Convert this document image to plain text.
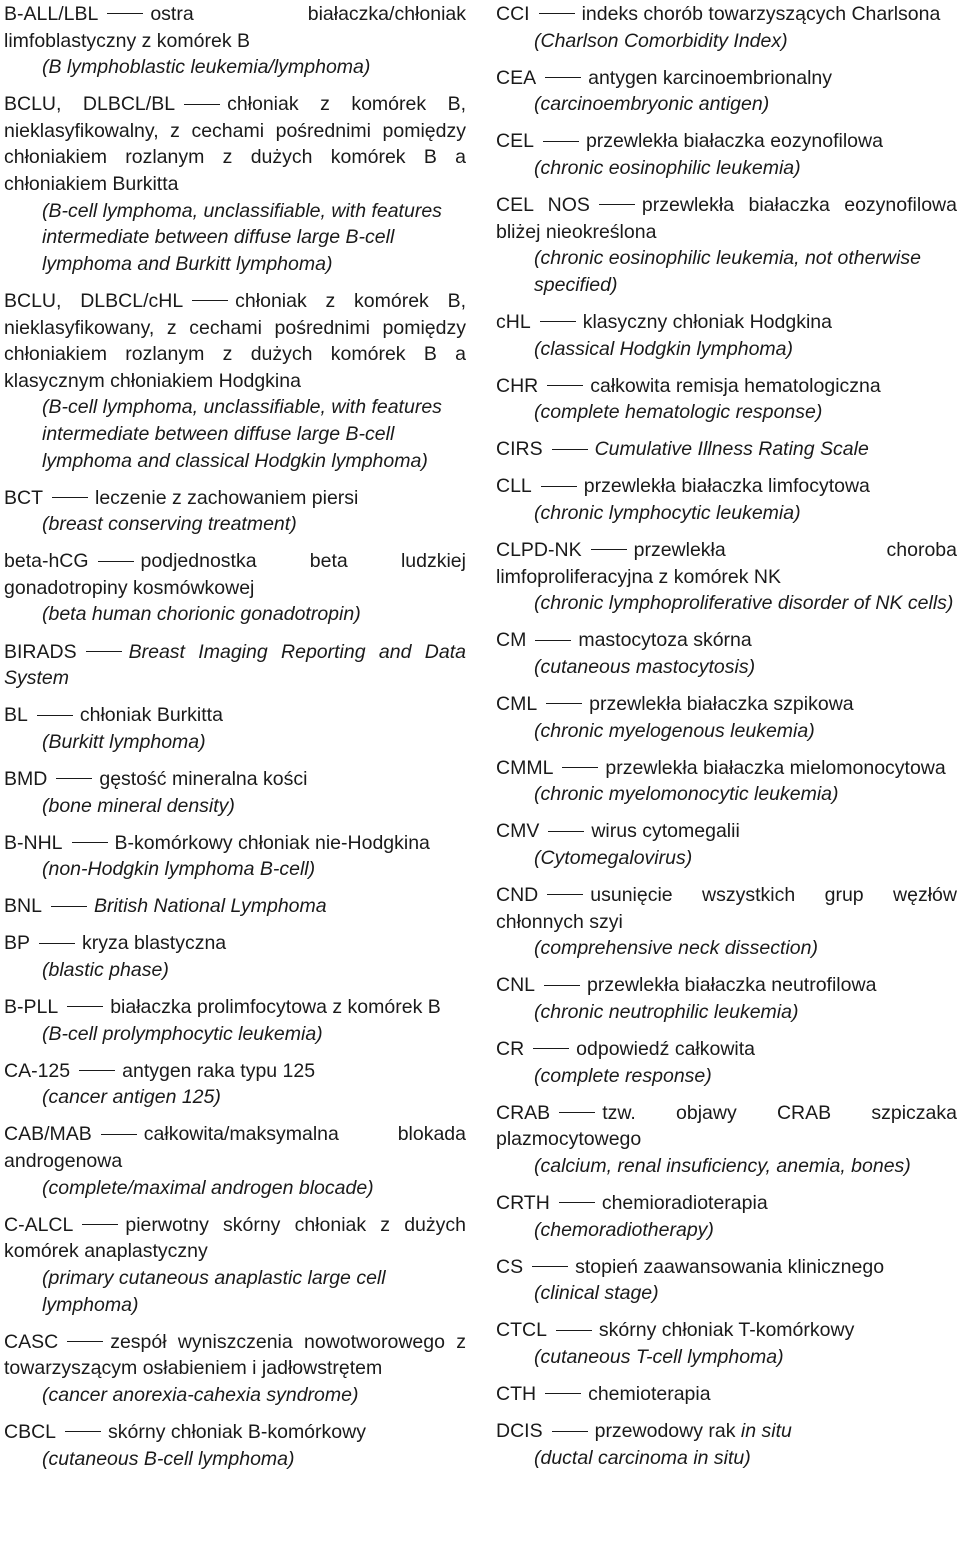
B-ALL/LBL	ostra białaczka/chłoniak limfoblastyczny z komórek B
(B lymphoblastic leukemia/lymphoma)
BCLU, DLBCL/BL	chłoniak z komórek B, nieklasyfikowalny, z cechami pośrednimi pomiędzy chłoniakiem rozlanym z dużych komórek B a chłoniakiem Burkitta
(B-cell lymphoma, unclassifiable, with features intermediate between diffuse large B-cell lymphoma and Burkitt lymphoma)
BCLU, DLBCL/cHL	chłoniak z komórek B, nieklasyfikowany, z cechami pośrednimi pomiędzy chłoniakiem rozlanym z dużych komórek B a klasycznym chłoniakiem Hodgkina
(B-cell lymphoma, unclassifiable, with features intermediate between diffuse large B-cell lymphoma and classical Hodgkin lymphoma)
BCT	leczenie z zachowaniem piersi
(breast conserving treatment)
beta-hCG	podjednostka beta ludzkiej gonadotropiny kosmówkowej
(beta human chorionic gonadotropin)
BIRADS	Breast Imaging Reporting and Data System
BL	chłoniak Burkitta
(Burkitt lymphoma)
BMD	gęstość mineralna kości
(bone mineral density)
B-NHL	B-komórkowy chłoniak nie-Hodgkina
(non-Hodgkin lymphoma B-cell)
BNL	British National Lymphoma
BP	kryza blastyczna
(blastic phase)
B-PLL	białaczka prolimfocytowa z komórek B
(B-cell prolymphocytic leukemia)
CA-125	antygen raka typu 125
(cancer antigen 125)
CAB/MAB	całkowita/maksymalna blokada androgenowa
(complete/maximal androgen blocade)
C-ALCL	pierwotny skórny chłoniak z dużych komórek anaplastyczny
(primary cutaneous anaplastic large cell lymphoma)
CASC	zespół wyniszczenia nowotworowego z towarzyszącym osłabieniem i jadłowstrętem
(cancer anorexia-cahexia syndrome)
CBCL	skórny chłoniak B-komórkowy
(cutaneous B-cell lymphoma)
CCI	indeks chorób towarzyszących Charlsona
(Charlson Comorbidity Index)
CEA	antygen karcinoembrionalny
(carcinoembryonic antigen)
CEL	przewlekła białaczka eozynofilowa
(chronic eosinophilic leukemia)
CEL NOS	przewlekła białaczka eozynofilowa bliżej nieokreślona
(chronic eosinophilic leukemia, not otherwise specified)
cHL	klasyczny chłoniak Hodgkina
(classical Hodgkin lymphoma)
CHR	całkowita remisja hematologiczna
(complete hematologic response)
CIRS	Cumulative Illness Rating Scale
CLL	przewlekła białaczka limfocytowa
(chronic lymphocytic leukemia)
CLPD-NK	przewlekła choroba limfoproliferacyjna z komórek NK
(chronic lymphoproliferative disorder of NK cells)
CM	mastocytoza skórna
(cutaneous mastocytosis)
CML	przewlekła białaczka szpikowa
(chronic myelogenous leukemia)
CMML	przewlekła białaczka mielomonocytowa
(chronic myelomonocytic leukemia)
CMV	wirus cytomegalii
(Cytomegalovirus)
CND	usunięcie wszystkich grup węzłów chłonnych szyi
(comprehensive neck dissection)
CNL	przewlekła białaczka neutrofilowa
(chronic neutrophilic leukemia)
CR	odpowiedź całkowita
(complete response)
CRAB	tzw. objawy CRAB szpiczaka plazmocytowego
(calcium, renal insuficiency, anemia, bones)
CRTH	chemioradioterapia
(chemoradiotherapy)
CS	stopień zaawansowania klinicznego
(clinical stage)
CTCL	skórny chłoniak T-komórkowy
(cutaneous T-cell lymphoma)
CTH	chemioterapia
DCIS	przewodowy rak in situ
(ductal carcinoma in situ)
